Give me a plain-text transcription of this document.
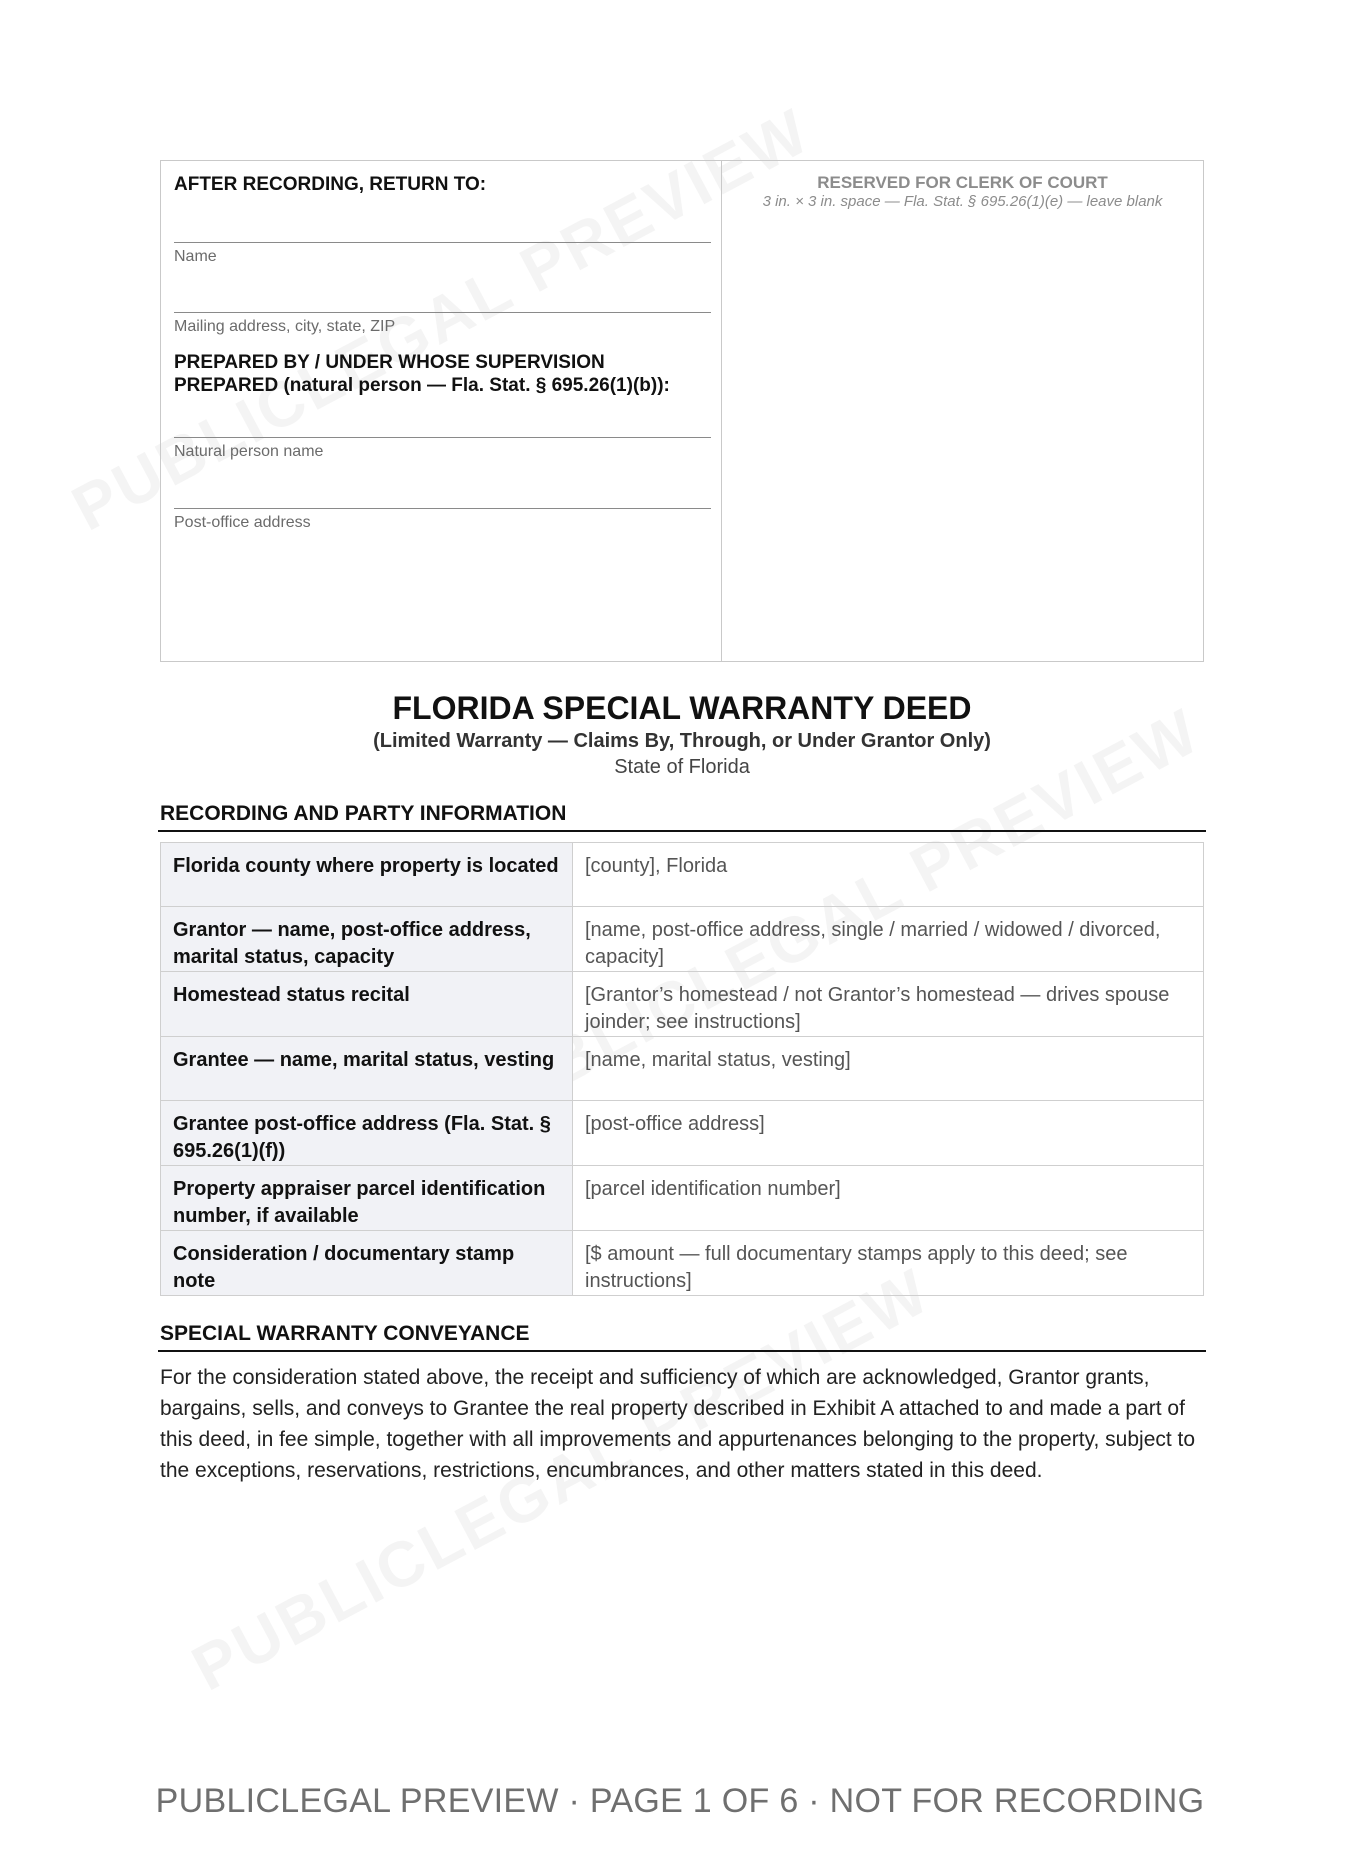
AFTER RECORDING, RETURN TO:
Name
Mailing address, city, state, ZIP
PREPARED BY / UNDER WHOSE SUPERVISION PREPARED (natural person — Fla. Stat. § 695.26(1)(b)):
Natural person name
Post-office address
RESERVED FOR CLERK OF COURT
3 in. × 3 in. space — Fla. Stat. § 695.26(1)(e) — leave blank
FLORIDA SPECIAL WARRANTY DEED
(Limited Warranty — Claims By, Through, or Under Grantor Only)
State of Florida
RECORDING AND PARTY INFORMATION
Florida county where property is located	[county], Florida
Grantor — name, post-office address, marital status, capacity	[name, post-office address, single / married / widowed / divorced, capacity]
Homestead status recital	[Grantor’s homestead / not Grantor’s homestead — drives spouse joinder; see instructions]
Grantee — name, marital status, vesting	[name, marital status, vesting]
Grantee post-office address (Fla. Stat. § 695.26(1)(f))	[post-office address]
Property appraiser parcel identification number, if available	[parcel identification number]
Consideration / documentary stamp note	[$ amount — full documentary stamps apply to this deed; see instructions]
SPECIAL WARRANTY CONVEYANCE
For the consideration stated above, the receipt and sufficiency of which are acknowledged, Grantor grants, bargains, sells, and conveys to Grantee the real property described in Exhibit A attached to and made a part of this deed, in fee simple, together with all improvements and appurtenances belonging to the property, subject to the exceptions, reservations, restrictions, encumbrances, and other matters stated in this deed.
PUBLICLEGAL PREVIEW · PAGE 1 OF 6 · NOT FOR RECORDING
